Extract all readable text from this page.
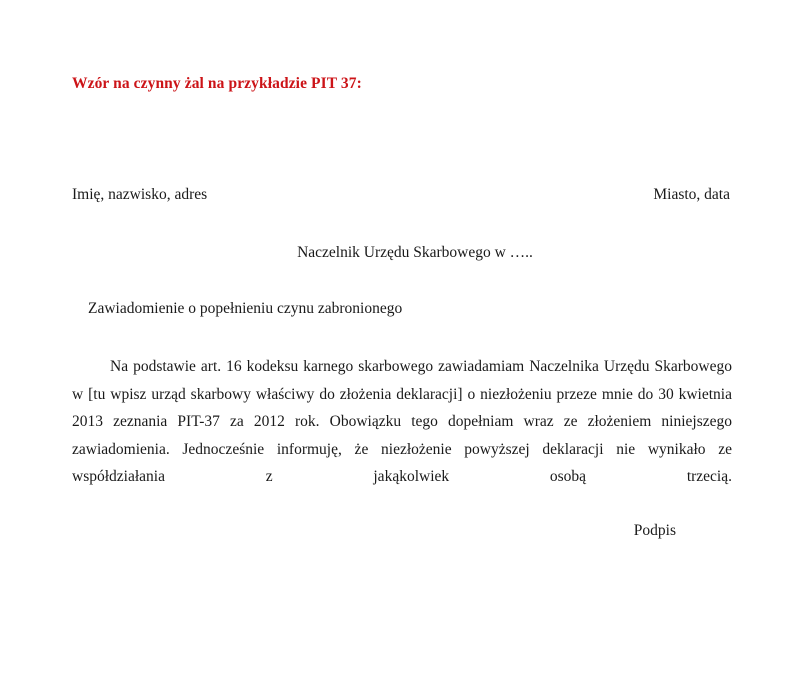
Wzór na czynny żal na przykładzie PIT 37:
Imię, nazwisko, adres	Miasto, data
Naczelnik Urzędu Skarbowego w …..
Zawiadomienie o popełnieniu czynu zabronionego
Na podstawie art. 16 kodeksu karnego skarbowego zawiadamiam Naczelnika Urzędu Skarbowego w [tu wpisz urząd skarbowy właściwy do złożenia deklaracji] o niezłożeniu przeze mnie do 30 kwietnia 2013 zeznania PIT-37 za 2012 rok. Obowiązku tego dopełniam wraz ze złożeniem niniejszego zawiadomienia. Jednocześnie informuję, że niezłożenie powyższej deklaracji nie wynikało ze współdziałania z jakąkolwiek osobą trzecią.
Podpis
